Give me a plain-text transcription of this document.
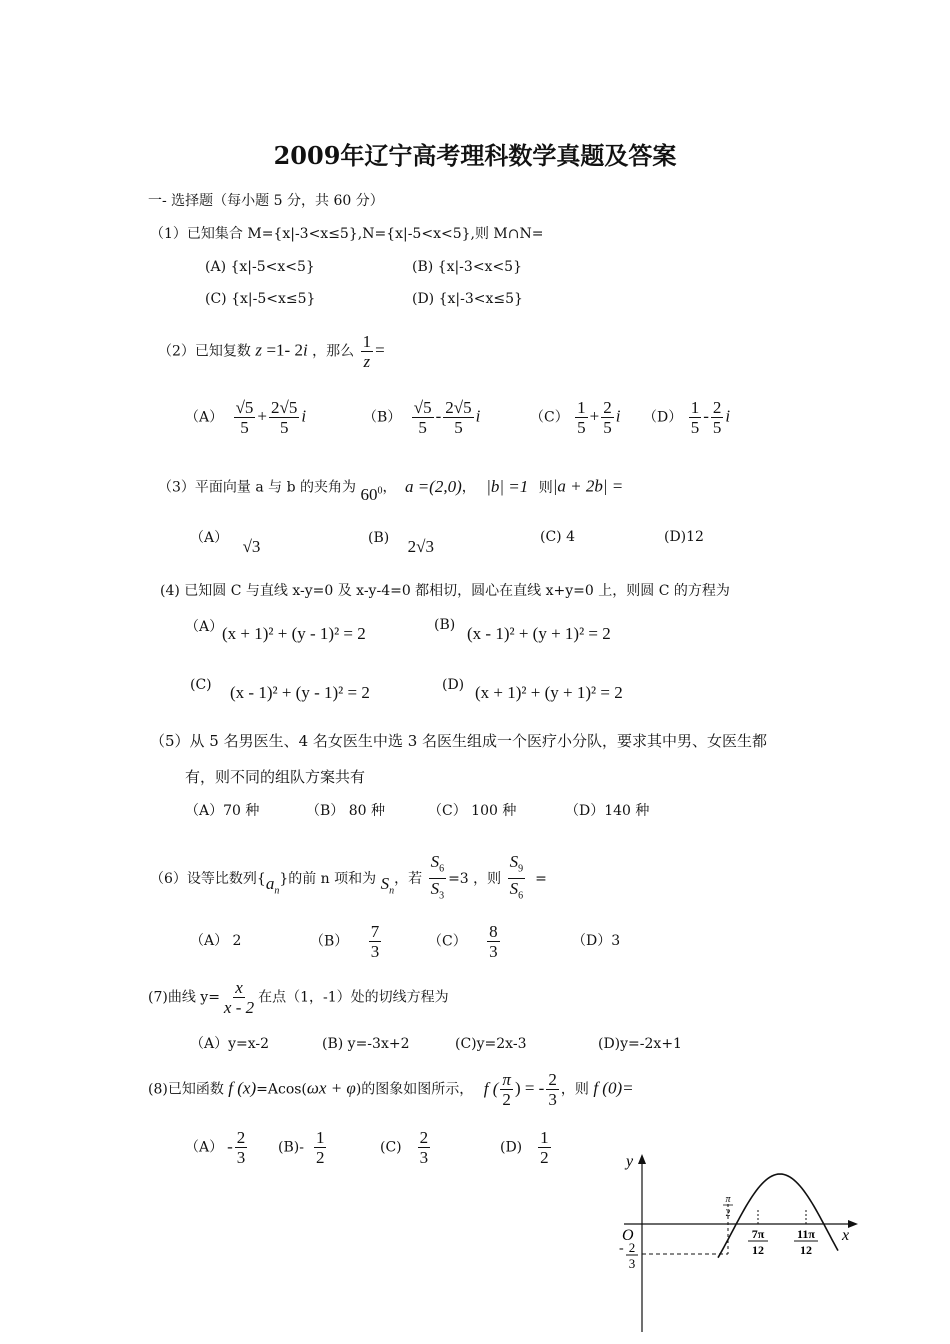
2009年辽宁高考理科数学真题及答案
一- 选择题（每小题 5 分，共 60 分）
（1）已知集合 M={x|-3<x≤5},N={x|-5<x<5},则 M∩N=
(A) {x|-5<x<5}	(B) {x|-3<x<5}
(C) {x|-5<x≤5}	(D) {x|-3<x≤5}
（2）已知复数 z =1- 2i ，那么 $\frac{1}{z}$ =
$(A) \frac{√5}{5} + \frac{2√5}{5}$ i	$(B) \frac{√5}{5} - \frac{2√5}{5}$ i	$(C) \frac{1}{5} + \frac{2}{5}$ i $(D) \frac{1}{5} - \frac{2}{5}$ i
（3）平面向量 a 与 b 的夹角为 $60^0$， a =(2,0)， |b| =1 则|a + 2b| =
（A） √3	(B) 2√3	(C) 4	(D)12
(4) 已知圆 C 与直线 x-y=0 及 x-y-4=0 都相切，圆心在直线 x+y=0 上，则圆 C 的方程为
（A）
(x + 1)² + (y - 1)² = 2	(B) (x - 1)² + (y + 1)² = 2
(C) (x - 1)² + (y - 1)² = 2	(D) (x + 1)² + (y + 1)² = 2
（5）从 5 名男医生、4 名女医生中选 3 名医生组成一个医疗小分队，要求其中男、女医生都
有，则不同的组队方案共有
（A）70 种	（B） 80 种	（C） 100 种	（D）140 种
（6）设等比数列$\{a_n\}$的前 n 项和为 $S_n$，若 $\frac{S_6}{S_3} =3$ ，则 $\frac{S_9}{S_6}$ =
（A） 2	$(B) \frac{7}{3}$	$(C) \frac{8}{3}$	（D）3
(7)曲线 $y= \frac{x}{x - 2}$ 在点（1，-1）处的切线方程为
（A）y=x-2	(B) y=-3x+2	(C)y=2x-3	(D)y=-2x+1
(8)已知函数 f (x)=Acos(ωx + φ)的图象如图所示， f ( $\frac{\pi}{2}$ ) = - $\frac{2}{3}$ ，则 f (0)=
$(A) - \frac{2}{3} (B)- \frac{1}{2}$	$(C) \frac{2}{3}$	$(D) \frac{1}{2}$	y
x
O
π
2
7π
12
11π
12
- 2
3
